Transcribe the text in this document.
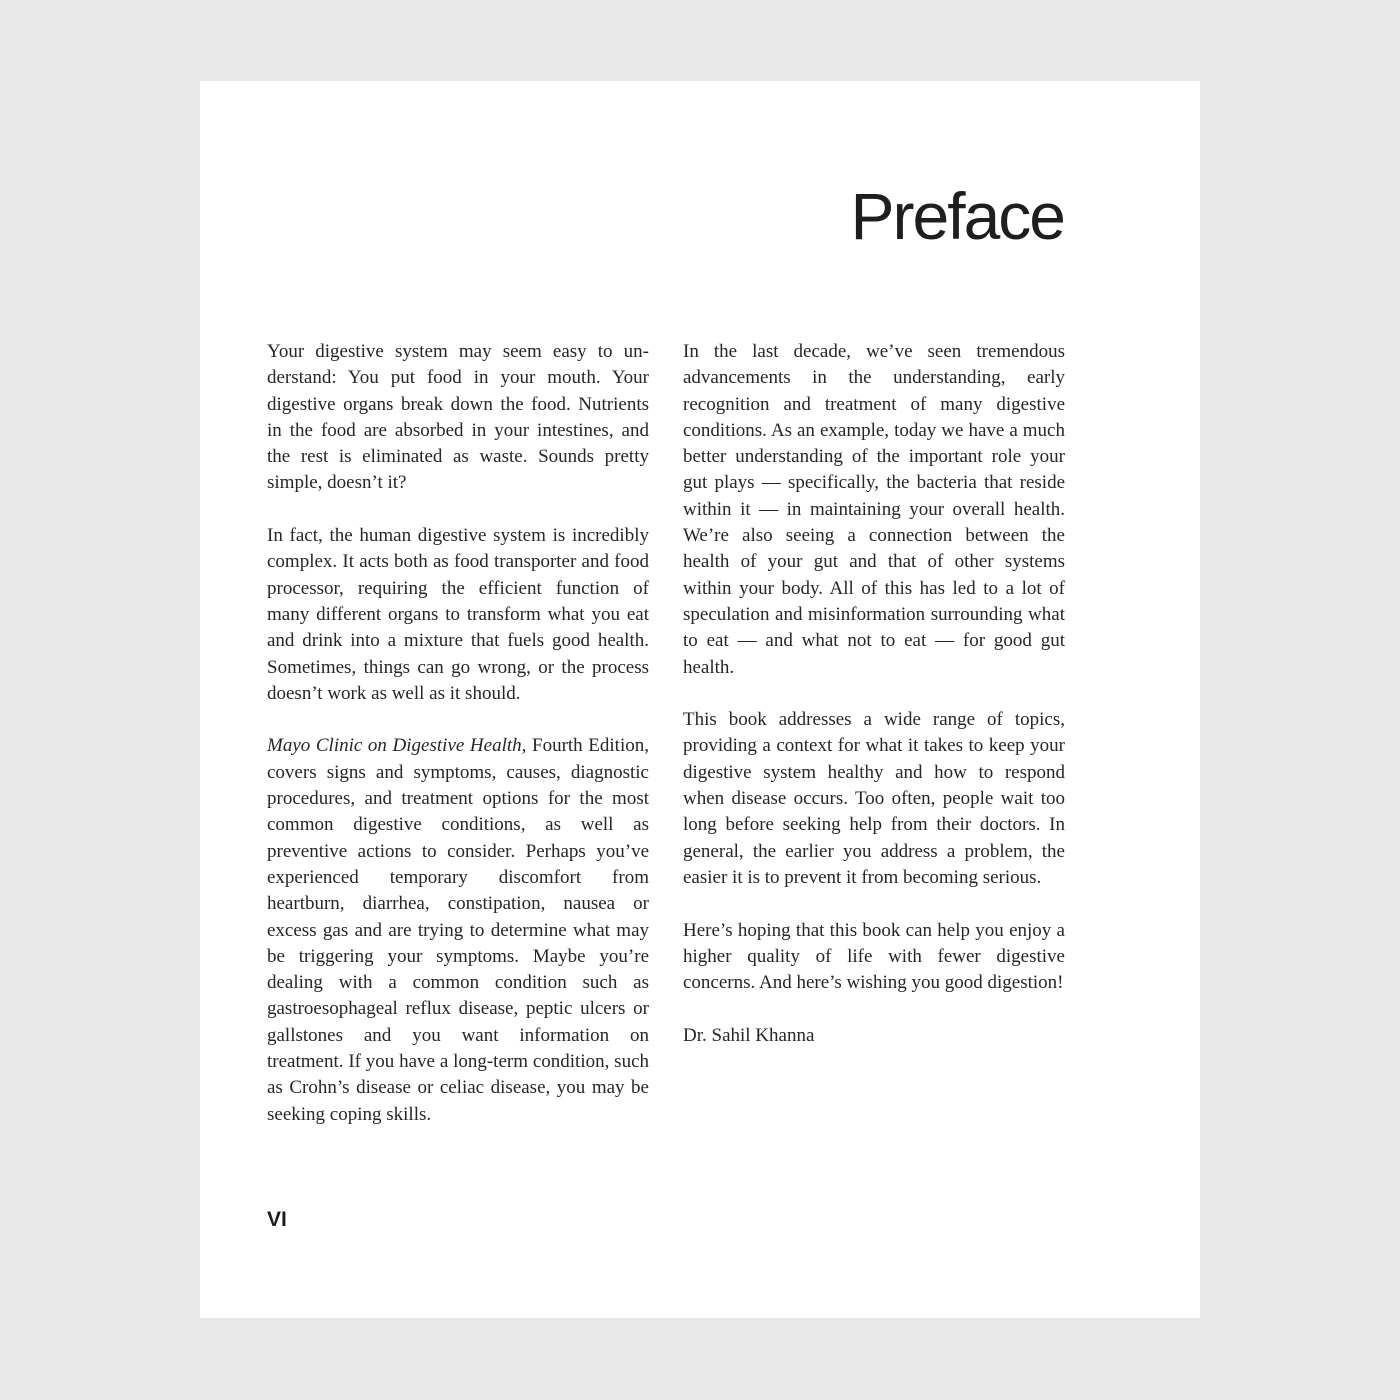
Preface

Your digestive system may seem easy to understand: You put food in your mouth. Your digestive organs break down the food. Nutrients in the food are absorbed in your intestines, and the rest is eliminated as waste. Sounds pretty simple, doesn’t it?

In fact, the human digestive system is incredibly complex. It acts both as food transporter and food processor, requiring the efficient function of many different organs to transform what you eat and drink into a mixture that fuels good health. Sometimes, things can go wrong, or the process doesn’t work as well as it should.

Mayo Clinic on Digestive Health, Fourth Edition, covers signs and symptoms, causes, diagnostic procedures, and treatment options for the most common digestive conditions, as well as preventive actions to consider. Perhaps you’ve experienced temporary discomfort from heartburn, diarrhea, constipation, nausea or excess gas and are trying to determine what may be triggering your symptoms. Maybe you’re dealing with a common condition such as gastroesophageal reflux disease, peptic ulcers or gallstones and you want information on treatment. If you have a long-term condition, such as Crohn’s disease or celiac disease, you may be seeking coping skills.

In the last decade, we’ve seen tremendous advancements in the understanding, early recognition and treatment of many digestive conditions. As an example, today we have a much better understanding of the important role your gut plays — specifically, the bacteria that reside within it — in maintaining your overall health. We’re also seeing a connection between the health of your gut and that of other systems within your body. All of this has led to a lot of speculation and misinformation surrounding what to eat — and what not to eat — for good gut health.

This book addresses a wide range of topics, providing a context for what it takes to keep your digestive system healthy and how to respond when disease occurs. Too often, people wait too long before seeking help from their doctors. In general, the earlier you address a problem, the easier it is to prevent it from becoming serious.

Here’s hoping that this book can help you enjoy a higher quality of life with fewer digestive concerns. And here’s wishing you good digestion!

Dr. Sahil Khanna

VI
